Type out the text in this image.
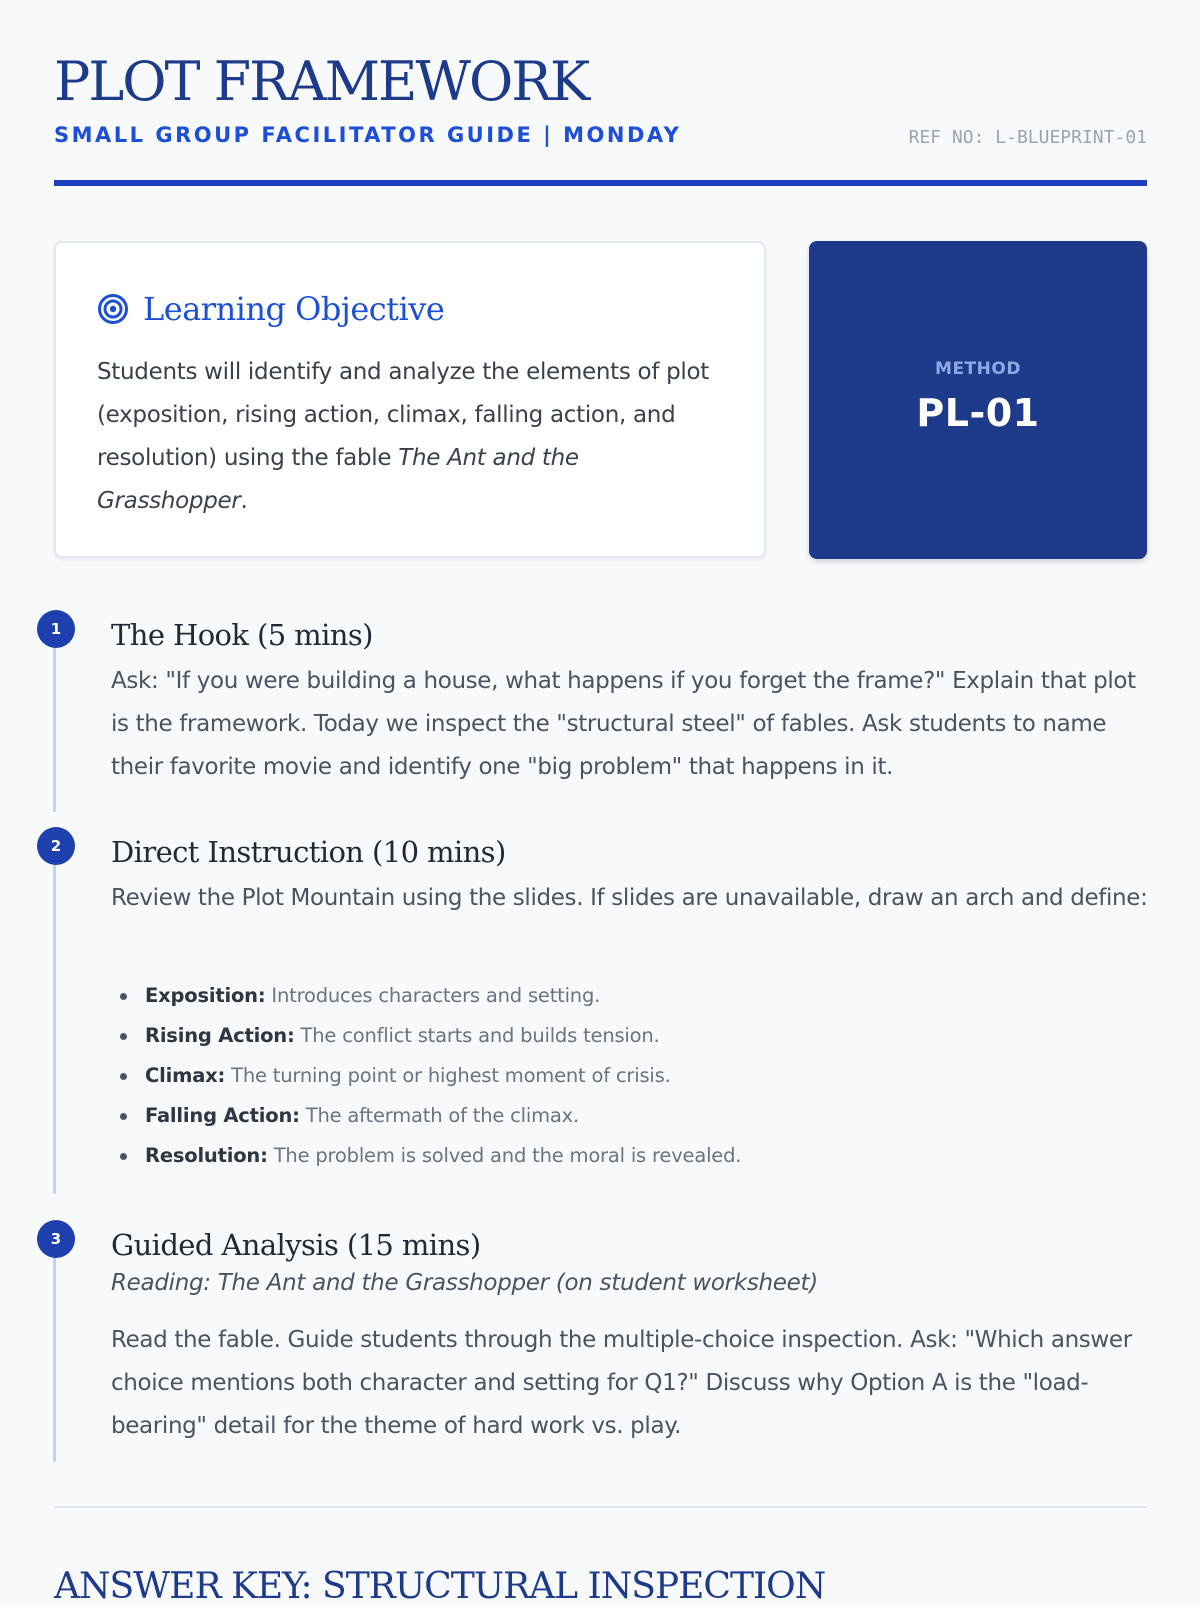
PLOT FRAMEWORK
SMALL GROUP FACILITATOR GUIDE | MONDAY	REF NO: L-BLUEPRINT-01
Learning Objective
Students will identify and analyze the elements of plot (exposition, rising action, climax, falling action, and resolution) using the fable The Ant and the Grasshopper.
METHOD
PL-01
1	The Hook (5 mins)
Ask: "If you were building a house, what happens if you forget the frame?" Explain that plot is the framework. Today we inspect the "structural steel" of fables. Ask students to name their favorite movie and identify one "big problem" that happens in it.
2	Direct Instruction (10 mins)
Review the Plot Mountain using the slides. If slides are unavailable, draw an arch and define:
Exposition: Introduces characters and setting.
Rising Action: The conflict starts and builds tension.
Climax: The turning point or highest moment of crisis.
Falling Action: The aftermath of the climax.
Resolution: The problem is solved and the moral is revealed.
3	Guided Analysis (15 mins)
Reading: The Ant and the Grasshopper (on student worksheet)
Read the fable. Guide students through the multiple-choice inspection. Ask: "Which answer choice mentions both character and setting for Q1?" Discuss why Option A is the "load-bearing" detail for the theme of hard work vs. play.
ANSWER KEY: STRUCTURAL INSPECTION
